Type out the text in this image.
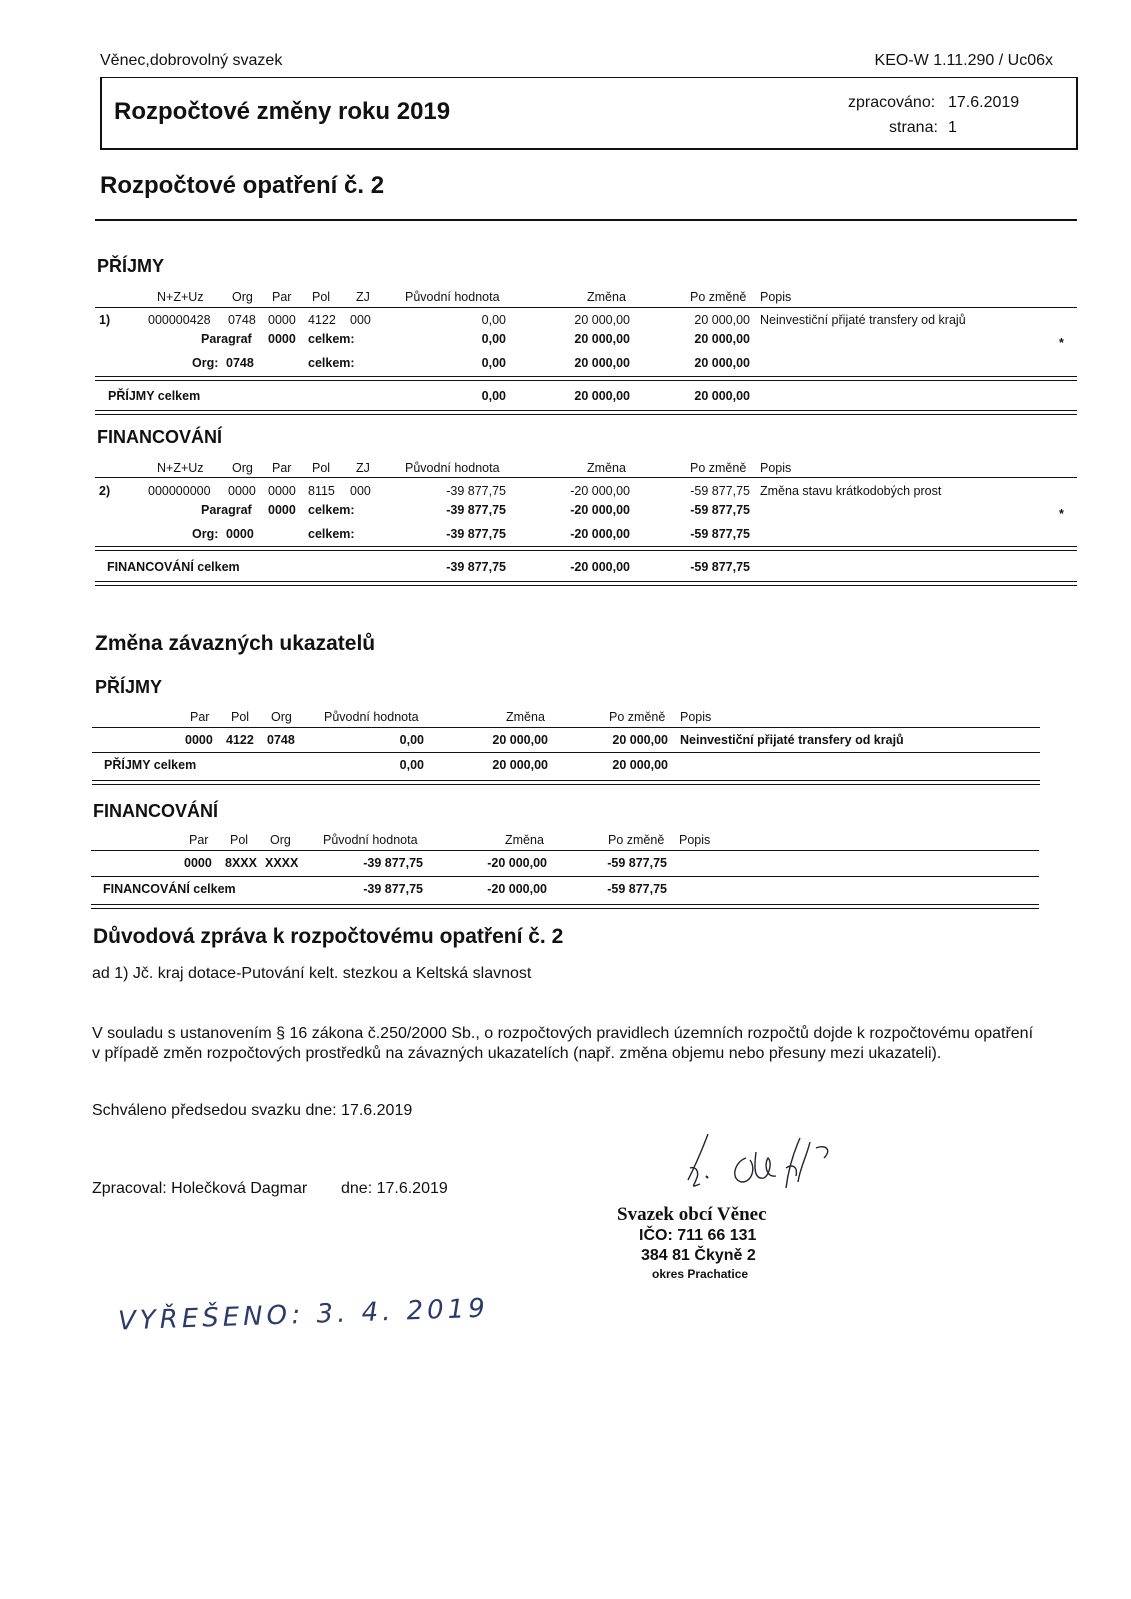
Věnec,dobrovolný svazek	KEO-W 1.11.290 / Uc06x
Rozpočtové změny roku 2019	zpracováno: 17.6.2019
strana: 1
Rozpočtové opatření č. 2
PŘÍJMY
N+Z+Uz Org Par Pol ZJ	Původní hodnota	Změna	Po změně Popis
1)	000000428 0748 0000 4122 000	0,00	20 000,00	20 000,00 Neinvestiční přijaté transfery od krajů
Paragraf 0000 celkem:	0,00	20 000,00	20 000,00	*
Org: 0748	celkem:	0,00	20 000,00	20 000,00
PŘÍJMY celkem	0,00	20 000,00	20 000,00
FINANCOVÁNÍ
N+Z+Uz Org Par Pol ZJ	Původní hodnota	Změna	Po změně Popis
2)	000000000 0000 0000 8115 000	-39 877,75	-20 000,00	-59 877,75 Změna stavu krátkodobých prost
Paragraf 0000 celkem:	-39 877,75	-20 000,00	-59 877,75	*
Org: 0000	celkem:	-39 877,75	-20 000,00	-59 877,75
FINANCOVÁNÍ celkem	-39 877,75	-20 000,00	-59 877,75
Změna závazných ukazatelů
PŘÍJMY
Par Pol Org	Původní hodnota	Změna	Po změně Popis
0000 4122 0748	0,00	20 000,00	20 000,00 Neinvestiční přijaté transfery od krajů
PŘÍJMY celkem	0,00	20 000,00	20 000,00
FINANCOVÁNÍ
Par Pol Org	Původní hodnota	Změna	Po změně Popis
0000 8XXX XXXX	-39 877,75	-20 000,00	-59 877,75
FINANCOVÁNÍ celkem	-39 877,75	-20 000,00	-59 877,75
Důvodová zpráva k rozpočtovému opatření č. 2
ad 1) Jč. kraj dotace-Putování kelt. stezkou a Keltská slavnost

V souladu s ustanovením § 16 zákona č.250/2000 Sb., o rozpočtových pravidlech územních rozpočtů dojde k rozpočtovému opatření v případě změn rozpočtových prostředků na závazných ukazatelích (např. změna objemu nebo přesuny mezi ukazateli).

Schváleno předsedou svazku dne: 17.6.2019
Zpracoval: Holečková Dagmar dne: 17.6.2019
Svazek obcí Věnec
IČO: 711 66 131
384 81 Čkyně 2
okres Prachatice
VYŘEŠENO: 3. 4. 2019
